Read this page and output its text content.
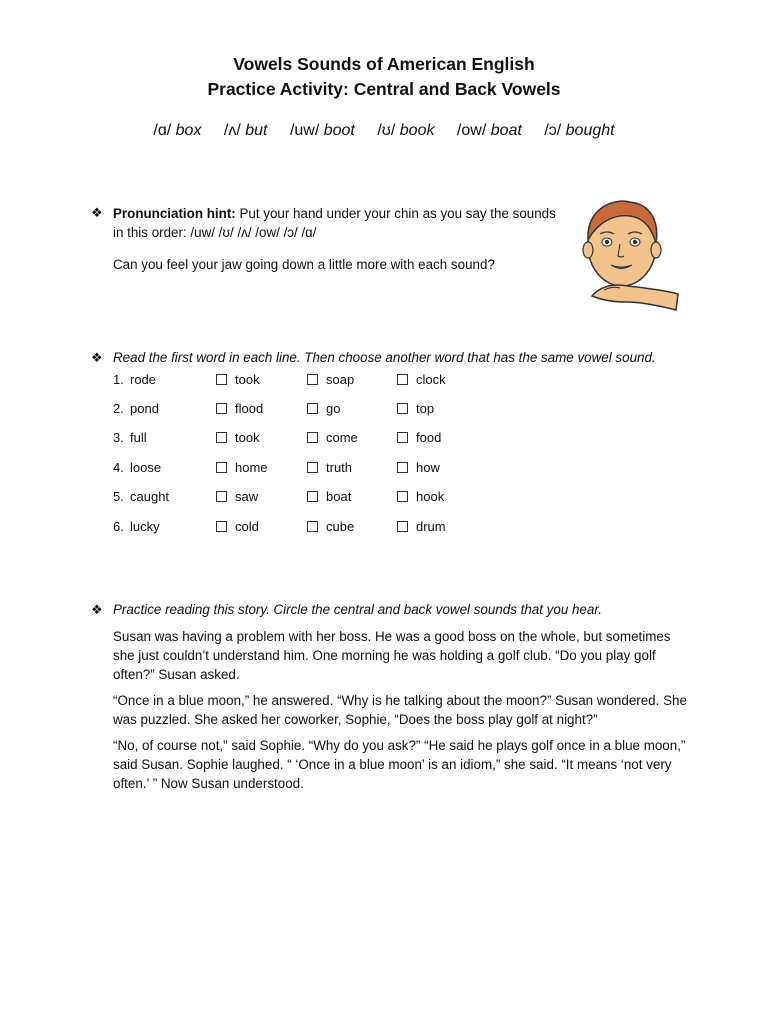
Vowels Sounds of American English
Practice Activity: Central and Back Vowels
/ɑ/ box /ʌ/ but /uw/ boot /ʊ/ book /ow/ boat /ɔ/ bought
❖ Pronunciation hint: Put your hand under your chin as you say the sounds in this order: /uw/ /ʊ/ /ʌ/ /ow/ /ɔ/ /ɑ/
Can you feel your jaw going down a little more with each sound?
❖ Read the first word in each line. Then choose another word that has the same vowel sound.
1. rode	took	soap	clock
2. pond	flood	go	top
3. full	took	come	food
4. loose	home	truth	how
5. caught	saw	boat	hook
6. lucky	cold	cube	drum
❖ Practice reading this story. Circle the central and back vowel sounds that you hear.

Susan was having a problem with her boss. He was a good boss on the whole, but sometimes she just couldn’t understand him. One morning he was holding a golf club. “Do you play golf often?” Susan asked.

“Once in a blue moon,” he answered. “Why is he talking about the moon?” Susan wondered. She was puzzled. She asked her coworker, Sophie, “Does the boss play golf at night?”

“No, of course not,” said Sophie. “Why do you ask?” “He said he plays golf once in a blue moon,” said Susan. Sophie laughed. “ ‘Once in a blue moon’ is an idiom,” she said. “It means ‘not very often.’ ” Now Susan understood.
